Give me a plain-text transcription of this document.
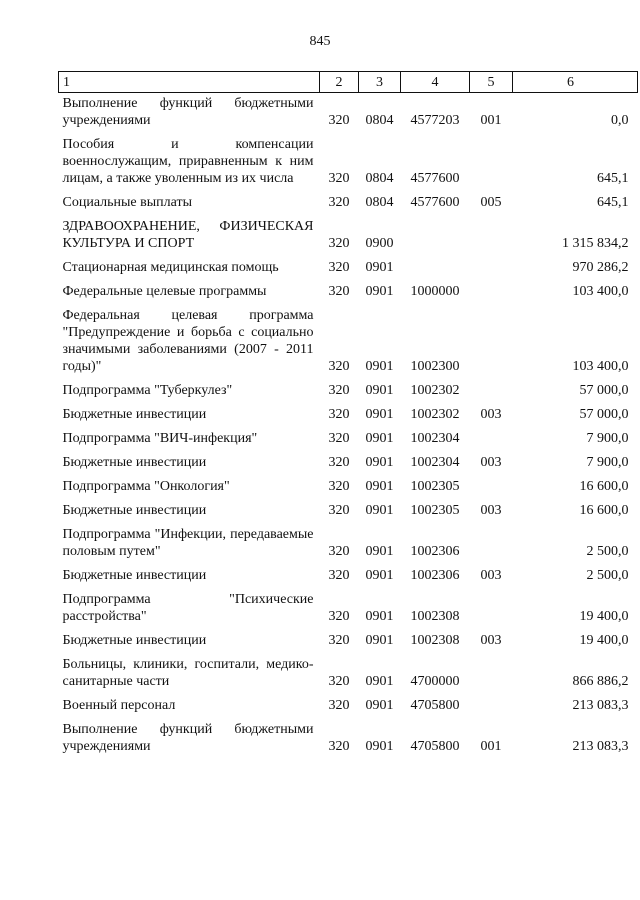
845
1	2	3	4	5	6
Выполнение функций бюджетными учреждениями	320	0804	4577203	001	0,0
Пособия и компенсации военнослужащим, приравненным к ним лицам, а также уволенным из их числа	320	0804	4577600		645,1
Социальные выплаты	320	0804	4577600	005	645,1
ЗДРАВООХРАНЕНИЕ, ФИЗИЧЕСКАЯ КУЛЬТУРА И СПОРТ	320	0900			1 315 834,2
Стационарная медицинская помощь	320	0901			970 286,2
Федеральные целевые программы	320	0901	1000000		103 400,0
Федеральная целевая программа "Предупреждение и борьба с социально значимыми заболеваниями (2007 - 2011 годы)"	320	0901	1002300		103 400,0
Подпрограмма "Туберкулез"	320	0901	1002302		57 000,0
Бюджетные инвестиции	320	0901	1002302	003	57 000,0
Подпрограмма "ВИЧ-инфекция"	320	0901	1002304		7 900,0
Бюджетные инвестиции	320	0901	1002304	003	7 900,0
Подпрограмма "Онкология"	320	0901	1002305		16 600,0
Бюджетные инвестиции	320	0901	1002305	003	16 600,0
Подпрограмма "Инфекции, передаваемые половым путем"	320	0901	1002306		2 500,0
Бюджетные инвестиции	320	0901	1002306	003	2 500,0
Подпрограмма "Психические расстройства"	320	0901	1002308		19 400,0
Бюджетные инвестиции	320	0901	1002308	003	19 400,0
Больницы, клиники, госпитали, медико-санитарные части	320	0901	4700000		866 886,2
Военный персонал	320	0901	4705800		213 083,3
Выполнение функций бюджетными учреждениями	320	0901	4705800	001	213 083,3
